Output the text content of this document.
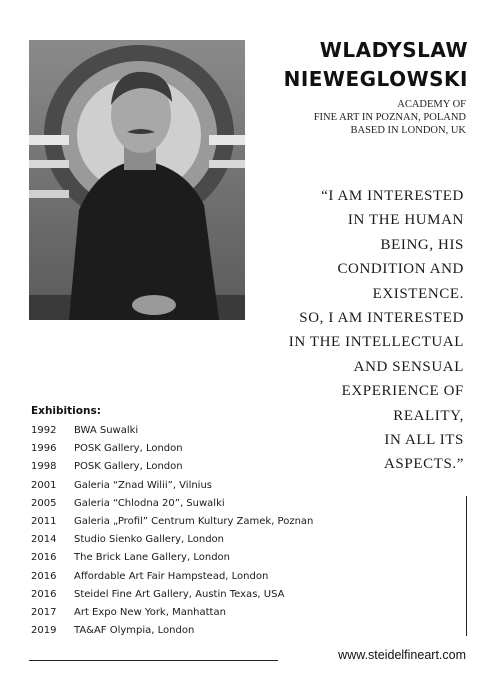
WLADYSLAW
NIEWEGLOWSKI
ACADEMY OF
FINE ART IN POZNAN, POLAND
BASED IN LONDON, UK
“I AM INTERESTED
IN THE HUMAN
BEING, HIS
CONDITION AND
EXISTENCE.
SO, I AM INTERESTED
IN THE INTELLECTUAL
AND SENSUAL
EXPERIENCE OF
REALITY,
IN ALL ITS
ASPECTS.”
Exhibitions:
1992	BWA Suwalki
1996	POSK Gallery, London
1998	POSK Gallery, London
2001	Galeria “Znad Wilii”, Vilnius
2005	Galeria “Chlodna 20”, Suwalki
2011	Galeria „Profil” Centrum Kultury Zamek, Poznan
2014	Studio Sienko Gallery, London
2016	The Brick Lane Gallery, London
2016	Affordable Art Fair Hampstead, London
2016	Steidel Fine Art Gallery, Austin Texas, USA
2017	Art Expo New York, Manhattan
2019	TA&AF Olympia, London
www.steidelfineart.com
